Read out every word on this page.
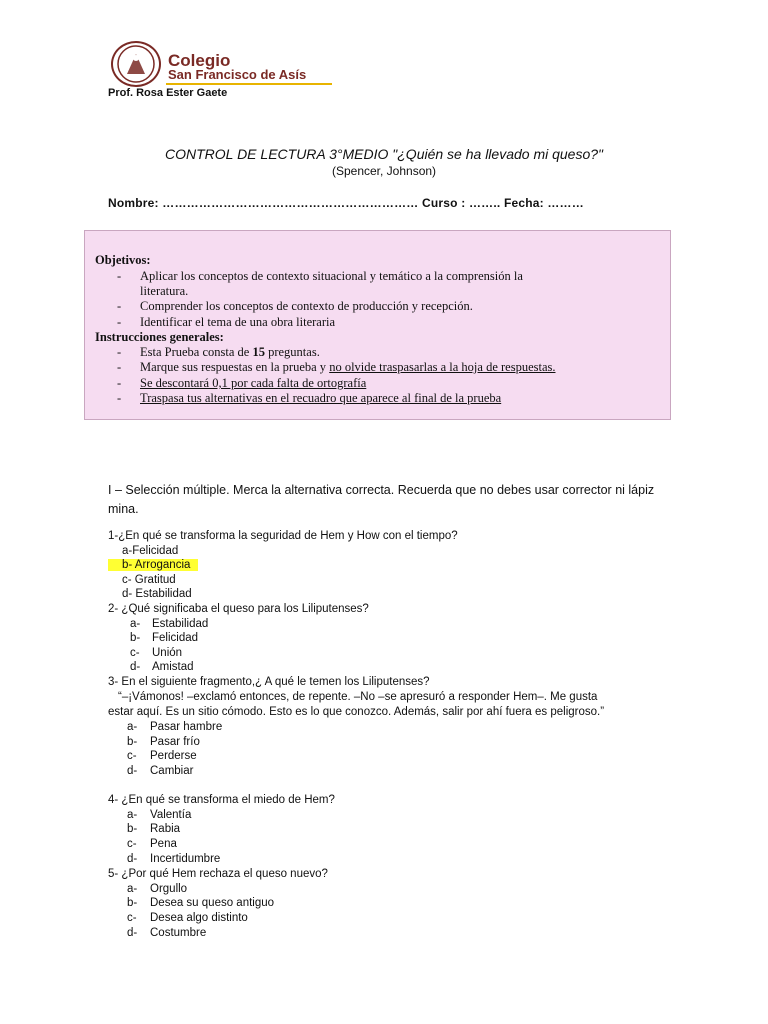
Colegio
San Francisco de Asís
Prof. Rosa Ester Gaete
CONTROL DE LECTURA 3°MEDIO "¿Quién se ha llevado mi queso?"
(Spencer, Johnson)
Nombre: ……………………………………………………… Curso : …….. Fecha: ………
Objetivos:
- Aplicar los conceptos de contexto situacional y temático a la comprensión la
literatura.
- Comprender los conceptos de contexto de producción y recepción.
- Identificar el tema de una obra literaria
Instrucciones generales:
- Esta Prueba consta de 15 preguntas.
- Marque sus respuestas en la prueba y no olvide traspasarlas a la hoja de respuestas.
- Se descontará 0,1 por cada falta de ortografía
- Traspasa tus alternativas en el recuadro que aparece al final de la prueba
I – Selección múltiple. Merca la alternativa correcta. Recuerda que no debes usar corrector ni lápiz mina.
1-¿En qué se transforma la seguridad de Hem y How con el tiempo?
a-Felicidad
b- Arrogancia
c- Gratitud
d- Estabilidad
2- ¿Qué significaba el queso para los Liliputenses?
a- Estabilidad
b- Felicidad
c- Unión
d- Amistad
3- En el siguiente fragmento,¿ A qué le temen los Liliputenses?
“–¡Vámonos! –exclamó entonces, de repente. –No –se apresuró a responder Hem–. Me gusta
estar aquí. Es un sitio cómodo. Esto es lo que conozco. Además, salir por ahí fuera es peligroso.”
a- Pasar hambre
b- Pasar frío
c- Perderse
d- Cambiar
4- ¿En qué se transforma el miedo de Hem?
a- Valentía
b- Rabia
c- Pena
d- Incertidumbre
5- ¿Por qué Hem rechaza el queso nuevo?
a- Orgullo
b- Desea su queso antiguo
c- Desea algo distinto
d- Costumbre
